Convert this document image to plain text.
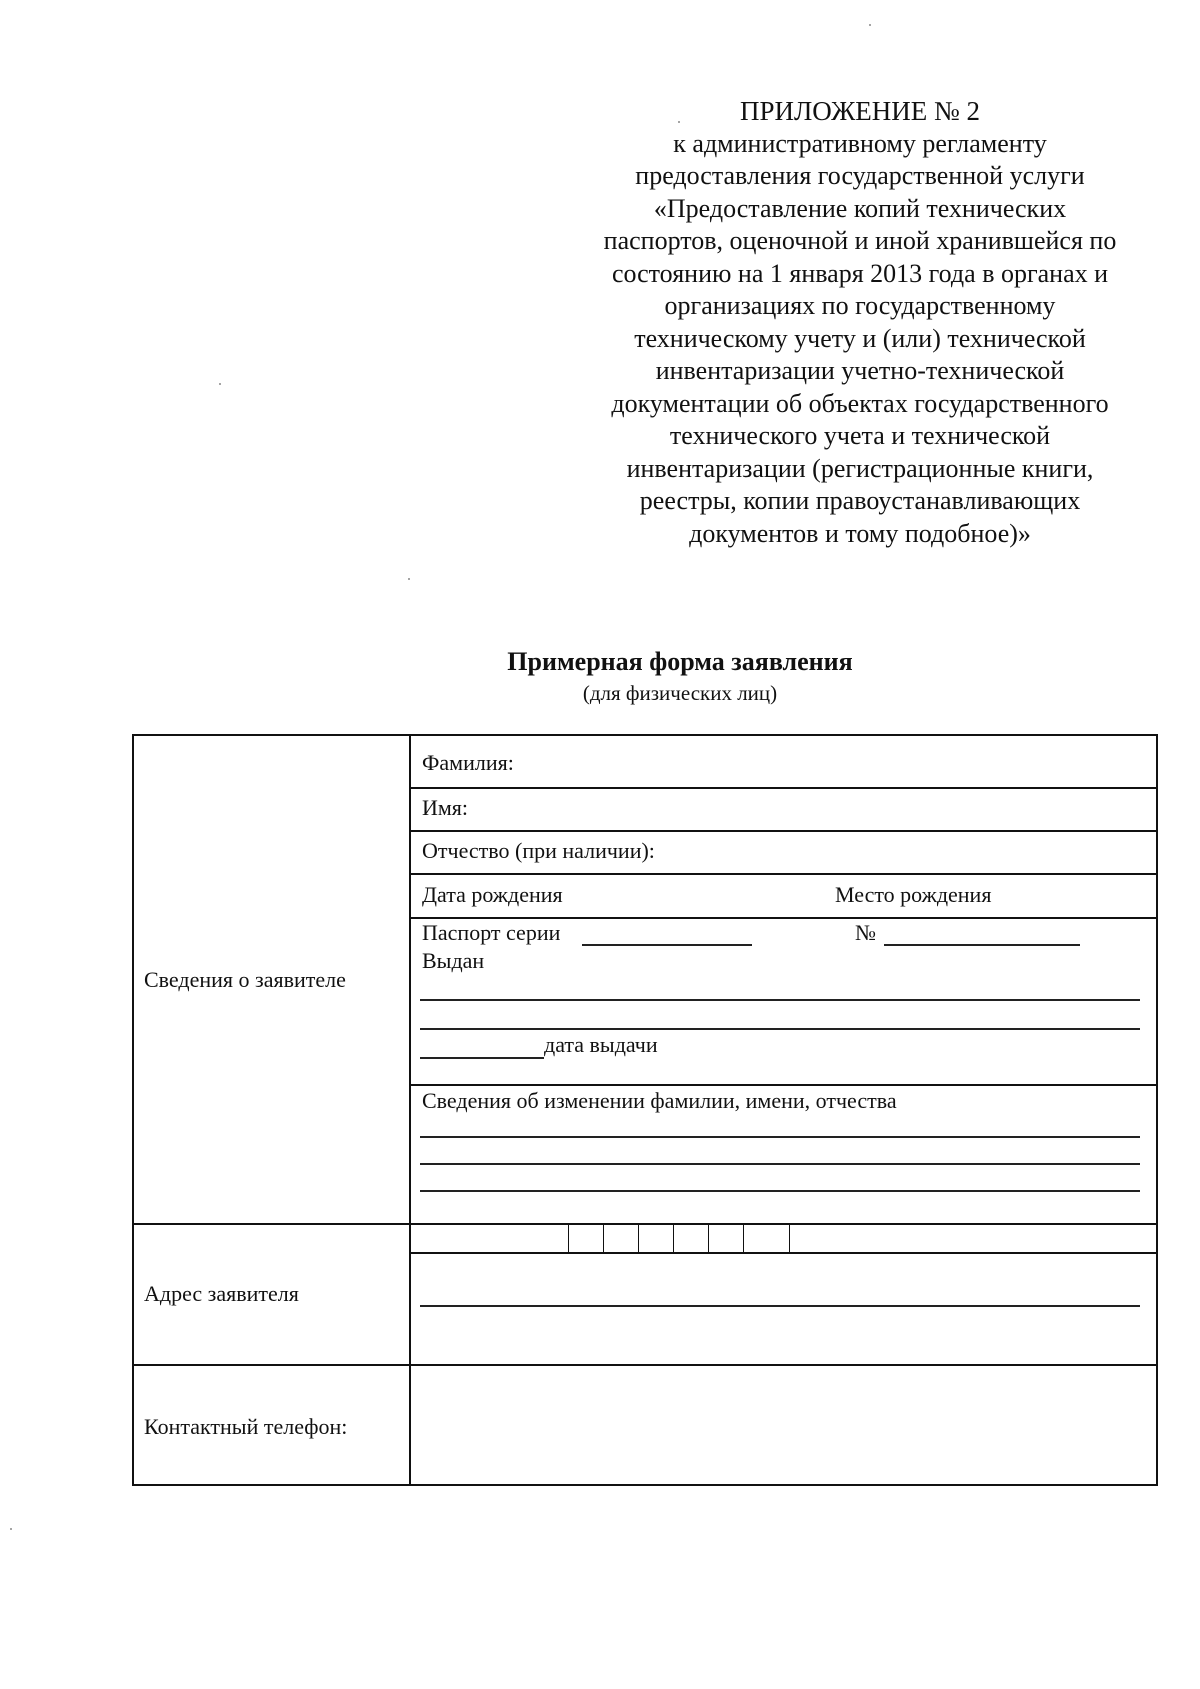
ПРИЛОЖЕНИЕ № 2
к административному регламенту
предоставления государственной услуги
«Предоставление копий технических
паспортов, оценочной и иной хранившейся по
состоянию на 1 января 2013 года в органах и
организациях по государственному
техническому учету и (или) технической
инвентаризации учетно-технической
документации об объектах государственного
технического учета и технической
инвентаризации (регистрационные книги,
реестры, копии правоустанавливающих
документов и тому подобное)»
Примерная форма заявления
(для физических лиц)
Сведения о заявителе
Адрес заявителя
Контактный телефон:
Фамилия:
Имя:
Отчество (при наличии):
Дата рождения	Место рождения
Паспорт серии	№
Выдан
дата выдачи
Сведения об изменении фамилии, имени, отчества
